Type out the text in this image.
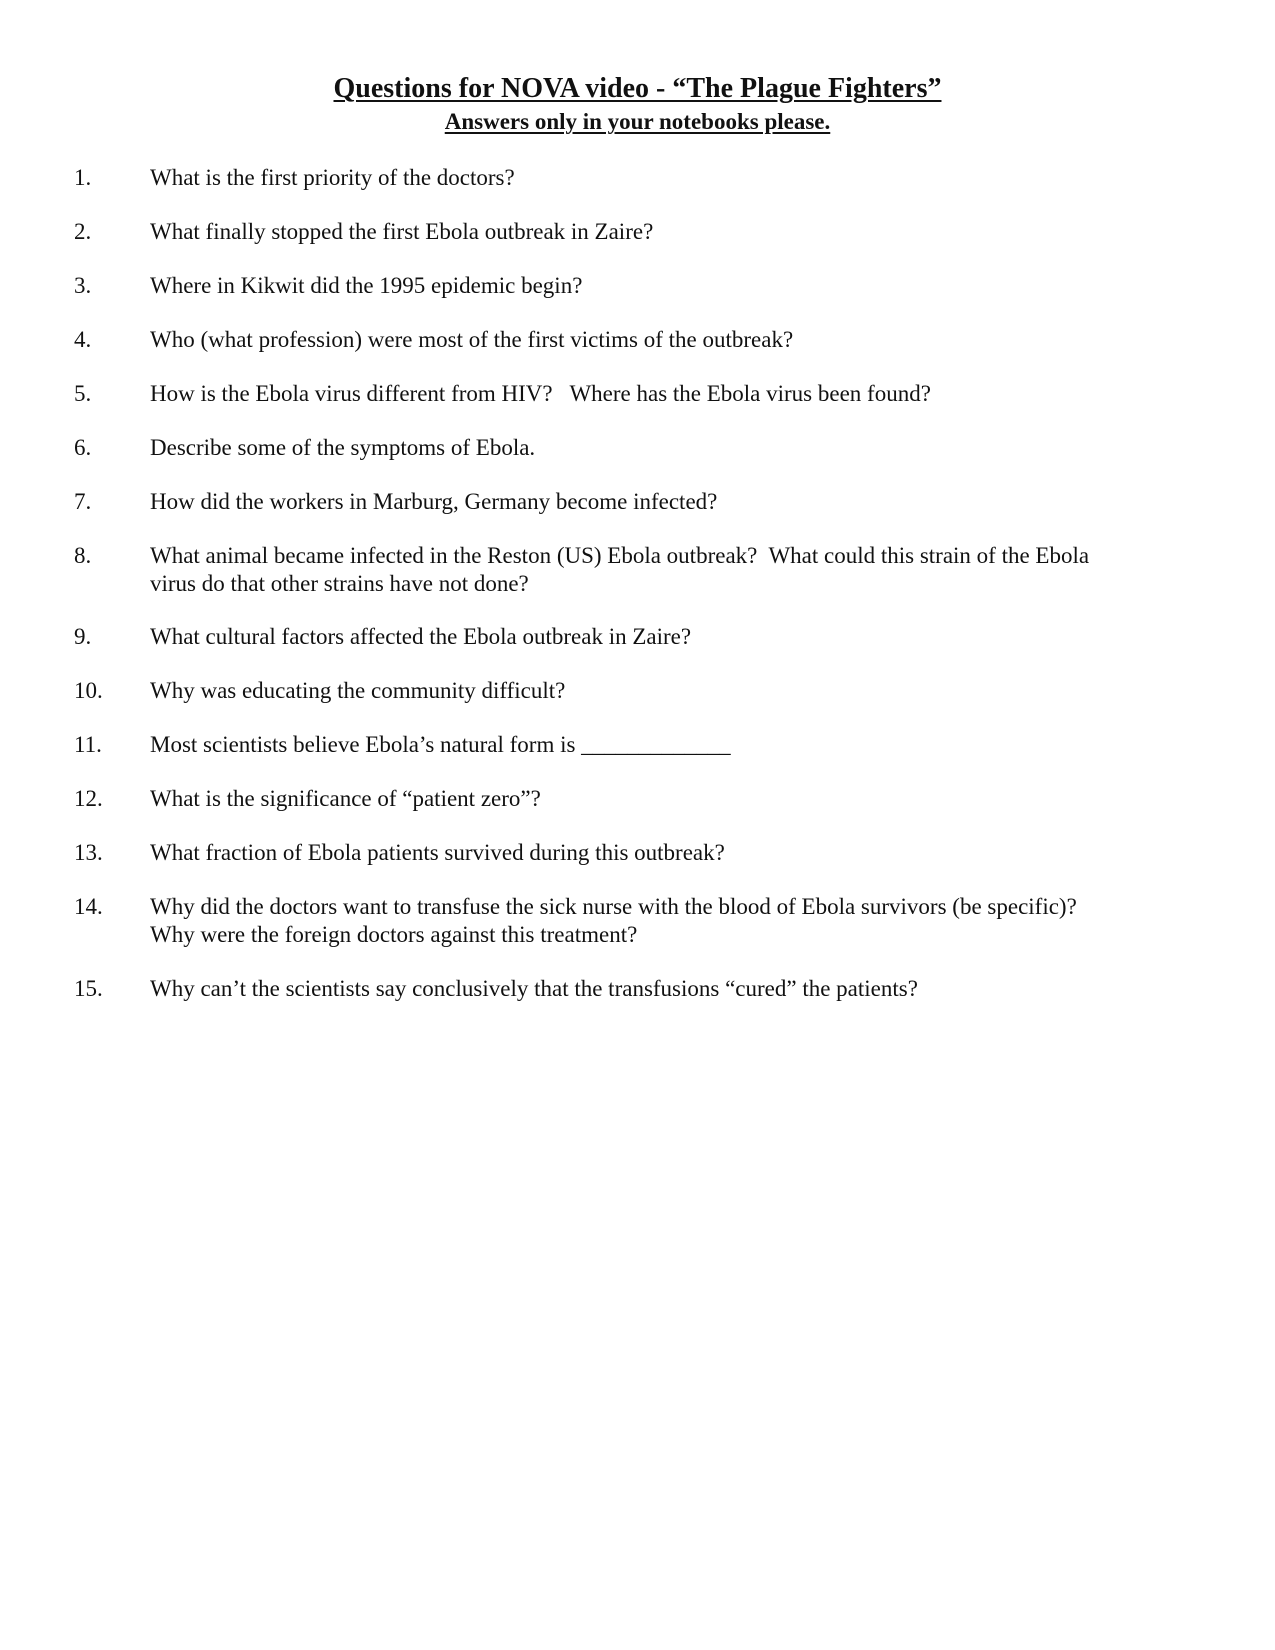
Questions for NOVA video - “The Plague Fighters”
Answers only in your notebooks please.
1.	What is the first priority of the doctors?
2.	What finally stopped the first Ebola outbreak in Zaire?
3.	Where in Kikwit did the 1995 epidemic begin?
4.	Who (what profession) were most of the first victims of the outbreak?
5.	How is the Ebola virus different from HIV?   Where has the Ebola virus been found?
6.	Describe some of the symptoms of Ebola.
7.	How did the workers in Marburg, Germany become infected?
8.	What animal became infected in the Reston (US) Ebola outbreak?  What could this strain of the Ebola
virus do that other strains have not done?
9.	What cultural factors affected the Ebola outbreak in Zaire?
10. Why was educating the community difficult?
11. Most scientists believe Ebola’s natural form is _____________
12. What is the significance of “patient zero”?
13. What fraction of Ebola patients survived during this outbreak?
14. Why did the doctors want to transfuse the sick nurse with the blood of Ebola survivors (be specific)?
Why were the foreign doctors against this treatment?
15. Why can’t the scientists say conclusively that the transfusions “cured” the patients?
